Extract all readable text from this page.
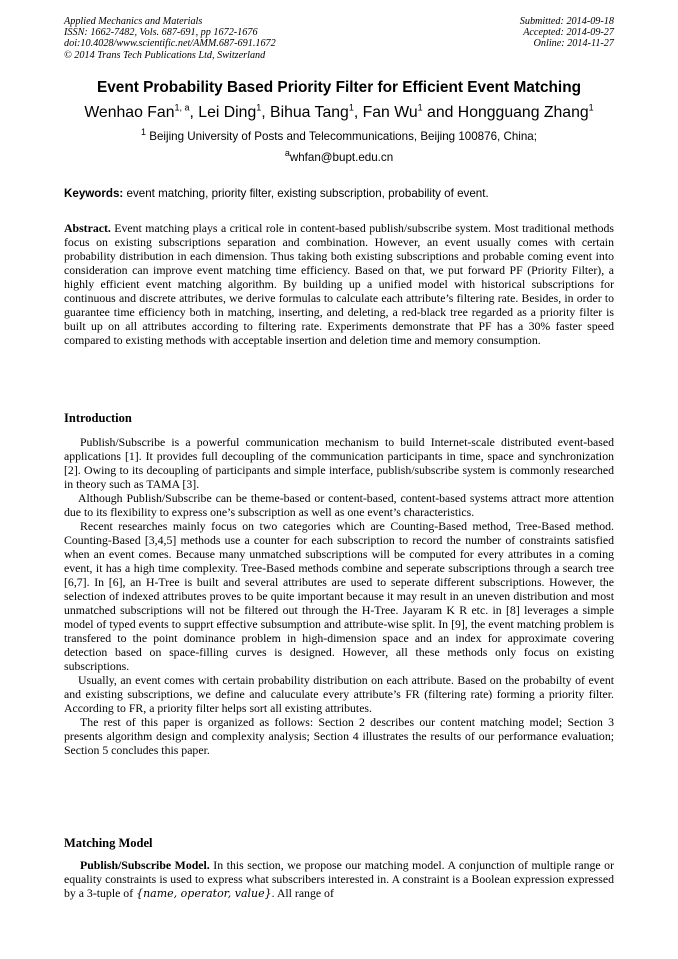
Applied Mechanics and Materials
ISSN: 1662-7482, Vols. 687-691, pp 1672-1676
doi:10.4028/www.scientific.net/AMM.687-691.1672
© 2014 Trans Tech Publications Ltd, Switzerland
Submitted: 2014-09-18
Accepted: 2014-09-27
Online: 2014-11-27
Event Probability Based Priority Filter for Efficient Event Matching
Wenhao Fan$^{1, a}$, Lei Ding$^1$, Bihua Tang$^1$, Fan Wu$^1$ and Hongguang Zhang$^1$
$^1$ Beijing University of Posts and Telecommunications, Beijing 100876, China;
$^a$whfan@bupt.edu.cn
Keywords: event matching, priority filter, existing subscription, probability of event.
Abstract. Event matching plays a critical role in content-based publish/subscribe system. Most traditional methods focus on existing subscriptions separation and combination. However, an event usually comes with certain probability distribution in each dimension. Thus taking both existing subscriptions and probable coming event into consideration can improve event matching time efficiency. Based on that, we put forward PF (Priority Filter), a highly efficient event matching algorithm. By building up a unified model with historical subscriptions for continuous and discrete attributes, we derive formulas to calculate each attribute’s filtering rate. Besides, in order to guarantee time efficiency both in matching, inserting, and deleting, a red-black tree regarded as a priority filter is built up on all attributes according to filtering rate. Experiments demonstrate that PF has a 30% faster speed compared to existing methods with acceptable insertion and deletion time and memory consumption.
Introduction

Publish/Subscribe is a powerful communication mechanism to build Internet-scale distributed event-based applications [1]. It provides full decoupling of the communication participants in time, space and synchronization [2]. Owing to its decoupling of participants and simple interface, publish/subscribe system is commonly researched in theory such as TAMA [3].

Although Publish/Subscribe can be theme-based or content-based, content-based systems attract more attention due to its flexibility to express one’s subscription as well as one event’s characteristics.

Recent researches mainly focus on two categories which are Counting-Based method, Tree-Based method. Counting-Based [3,4,5] methods use a counter for each subscription to record the number of constraints satisfied when an event comes. Because many unmatched subscriptions will be computed for every attributes in a coming event, it has a high time complexity. Tree-Based methods combine and seperate subscriptions through a search tree [6,7]. In [6], an H-Tree is built and several attributes are used to seperate different subscriptions. However, the selection of indexed attributes proves to be quite important because it may result in an uneven distribution and most unmatched subscriptions will not be filtered out through the H-Tree. Jayaram K R etc. in [8] leverages a simple model of typed events to supprt effective subsumption and attribute-wise split. In [9], the event matching problem is transfered to the point dominance problem in high-dimension space and an index for approximate covering detection based on space-filling curves is designed. However, all these methods only focus on existing subscriptions.

Usually, an event comes with certain probability distribution on each attribute. Based on the probabilty of event and existing subscriptions, we define and caluculate every attribute’s FR (filtering rate) forming a priority filter. According to FR, a priority filter helps sort all existing attributes.

The rest of this paper is organized as follows: Section 2 describes our content matching model; Section 3 presents algorithm design and complexity analysis; Section 4 illustrates the results of our performance evaluation; Section 5 concludes this paper.

Matching Model

Publish/Subscribe Model. In this section, we propose our matching model. A conjunction of multiple range or equality constraints is used to express what subscribers interested in. A constraint is a Boolean expression expressed by a 3-tuple of {name, operator, value}. All range of
